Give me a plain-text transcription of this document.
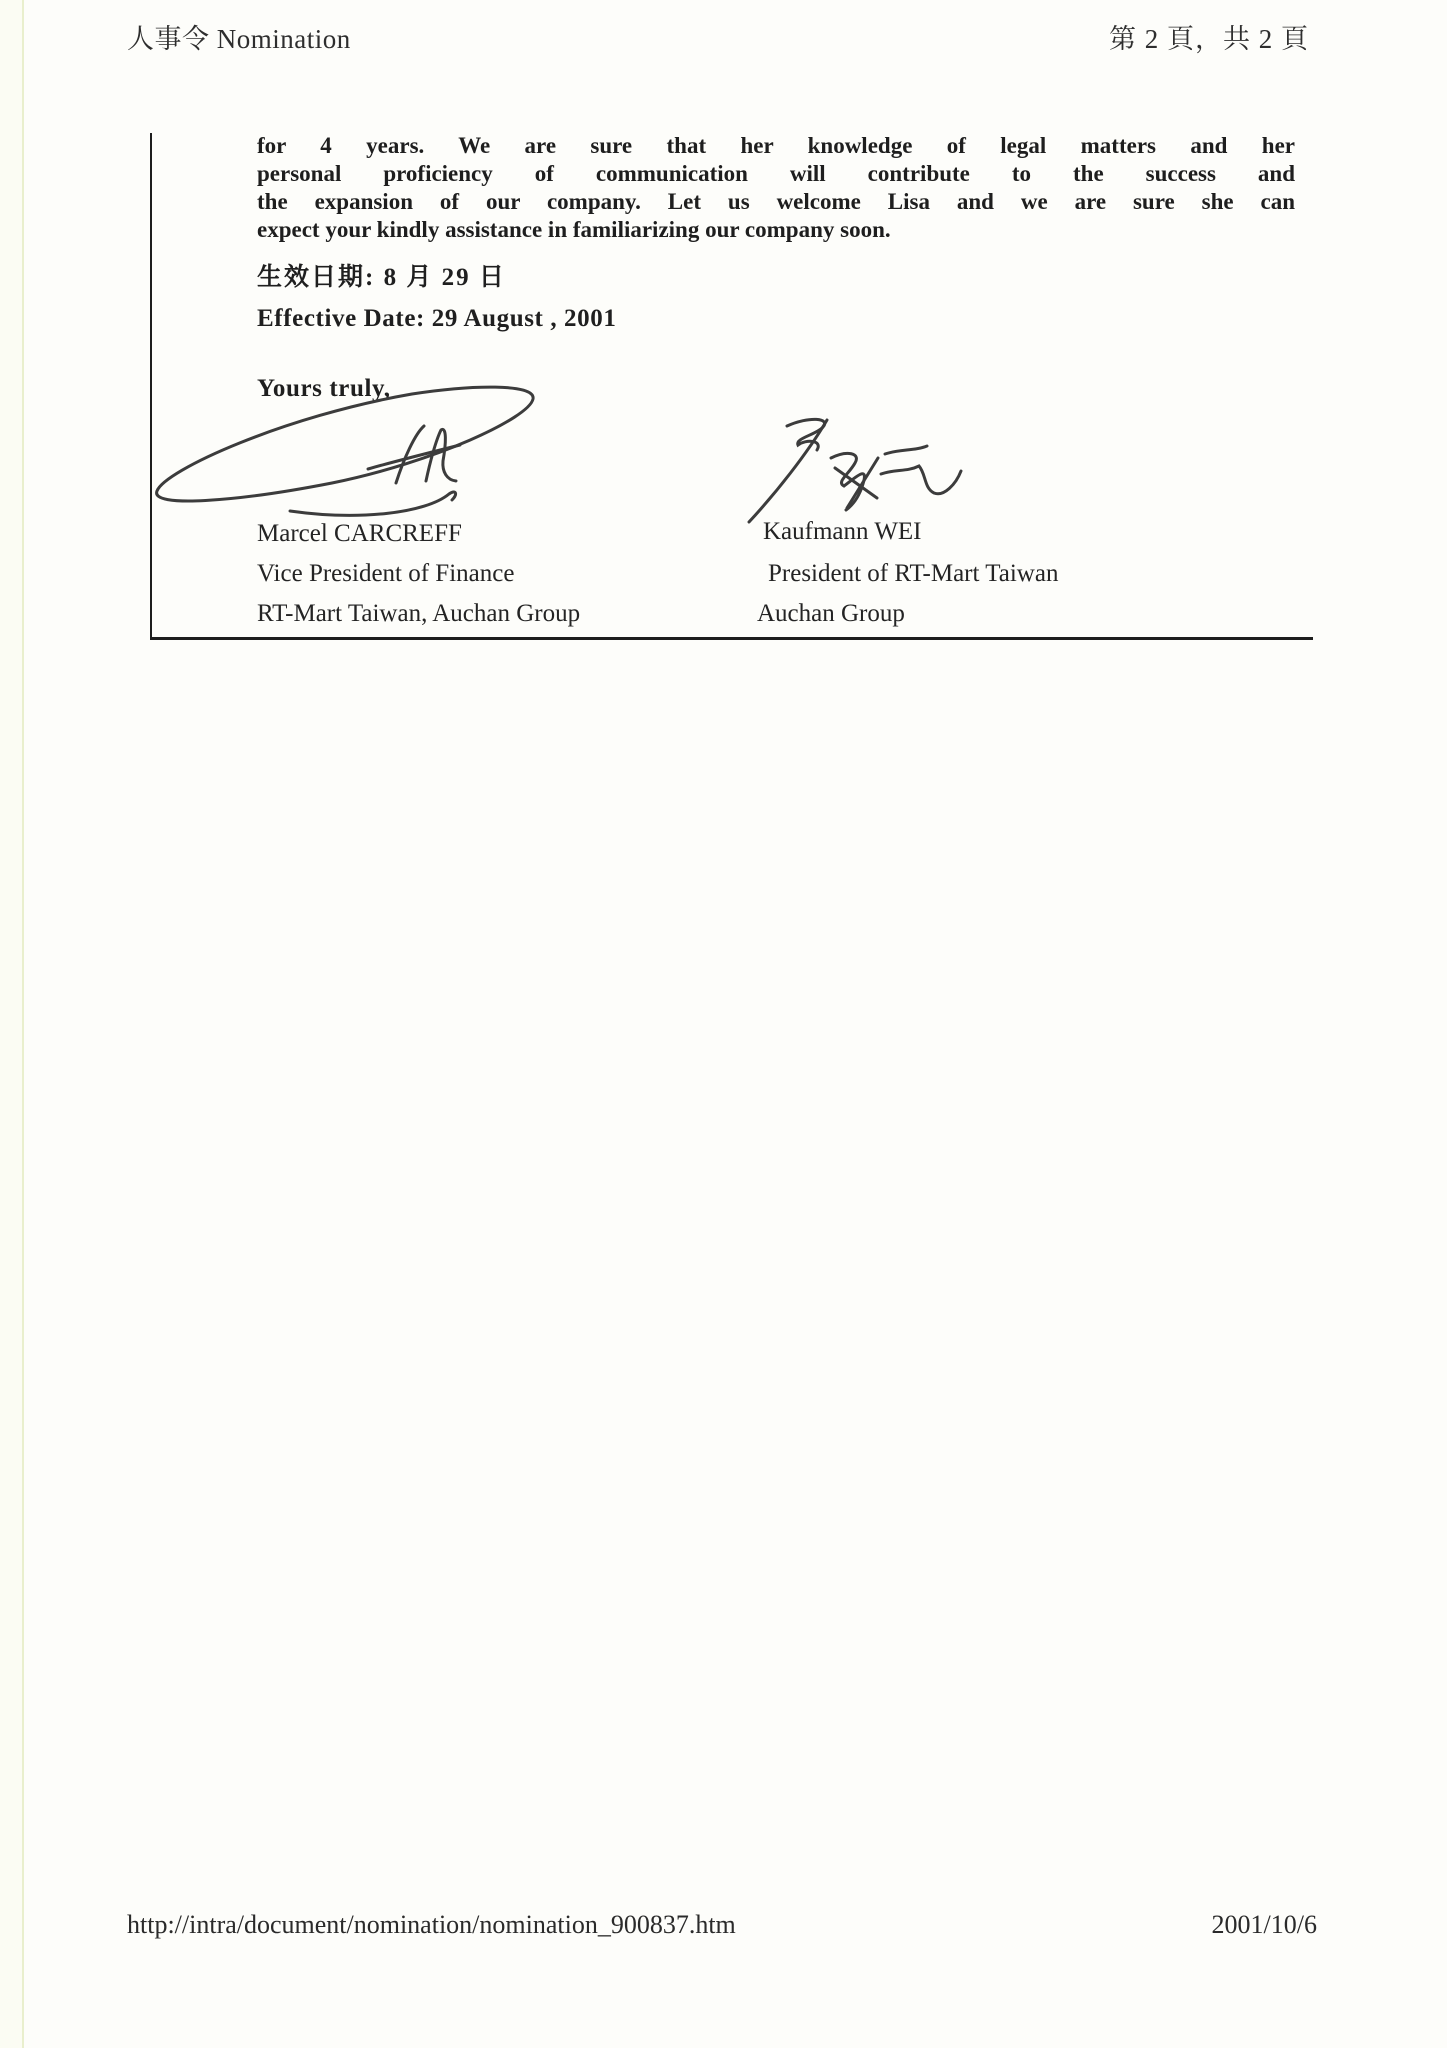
人事令 Nomination	第 2 頁，共 2 頁
for 4 years. We are sure that her knowledge of legal matters and her
personal proficiency of communication will contribute to the success and
the expansion of our company. Let us welcome Lisa and we are sure she can
expect your kindly assistance in familiarizing our company soon.
生效日期: 8 月 29 日
Effective Date: 29 August , 2001
Yours truly,
Marcel CARCREFF
Vice President of Finance
RT-Mart Taiwan, Auchan Group
Kaufmann WEI
President of RT-Mart Taiwan
Auchan Group
http://intra/document/nomination/nomination_900837.htm	2001/10/6
